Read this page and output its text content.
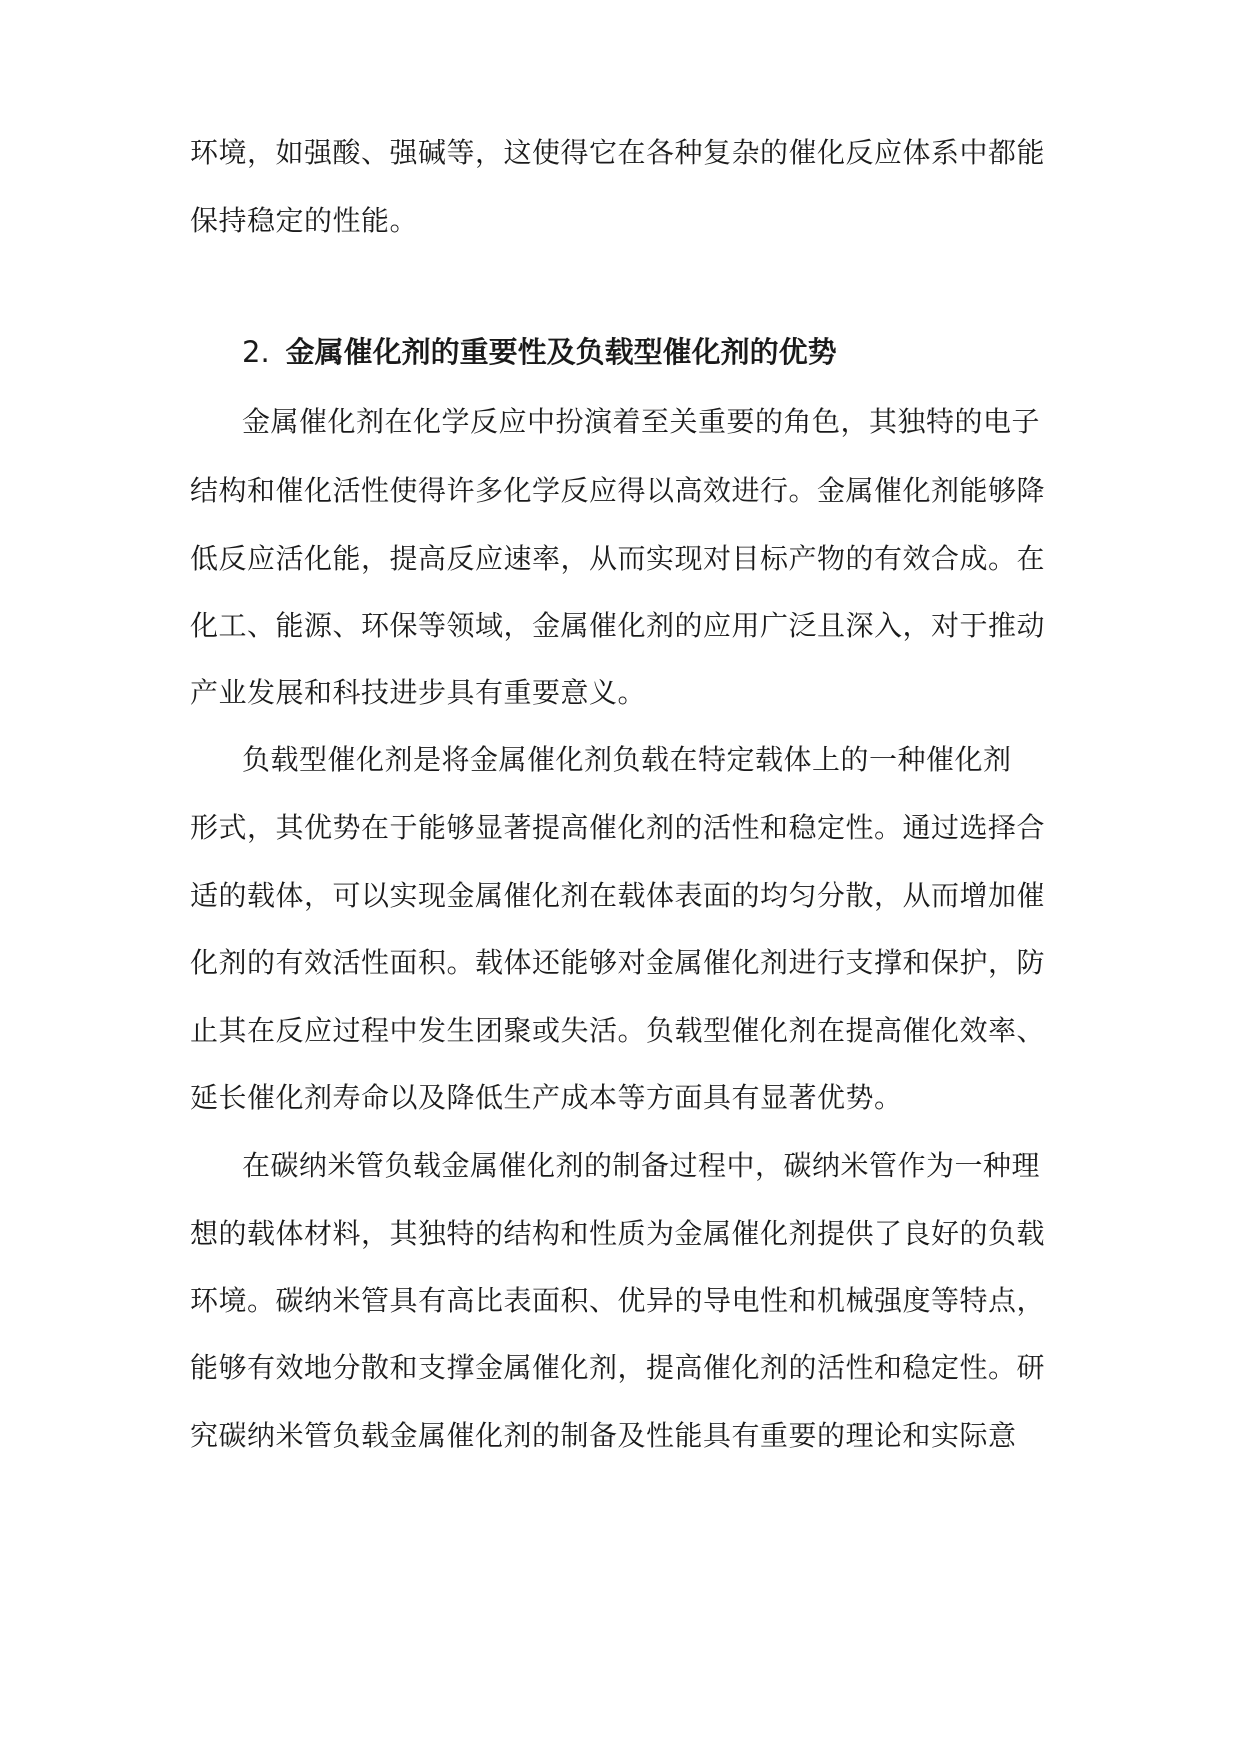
环境，如强酸、强碱等，这使得它在各种复杂的催化反应体系中都能
保持稳定的性能。
2. 金属催化剂的重要性及负载型催化剂的优势
金属催化剂在化学反应中扮演着至关重要的角色，其独特的电子
结构和催化活性使得许多化学反应得以高效进行。金属催化剂能够降
低反应活化能，提高反应速率，从而实现对目标产物的有效合成。在
化工、能源、环保等领域，金属催化剂的应用广泛且深入，对于推动
产业发展和科技进步具有重要意义。
负载型催化剂是将金属催化剂负载在特定载体上的一种催化剂
形式，其优势在于能够显著提高催化剂的活性和稳定性。通过选择合
适的载体，可以实现金属催化剂在载体表面的均匀分散，从而增加催
化剂的有效活性面积。载体还能够对金属催化剂进行支撑和保护，防
止其在反应过程中发生团聚或失活。负载型催化剂在提高催化效率、
延长催化剂寿命以及降低生产成本等方面具有显著优势。
在碳纳米管负载金属催化剂的制备过程中，碳纳米管作为一种理
想的载体材料，其独特的结构和性质为金属催化剂提供了良好的负载
环境。碳纳米管具有高比表面积、优异的导电性和机械强度等特点，
能够有效地分散和支撑金属催化剂，提高催化剂的活性和稳定性。研
究碳纳米管负载金属催化剂的制备及性能具有重要的理论和实际意
